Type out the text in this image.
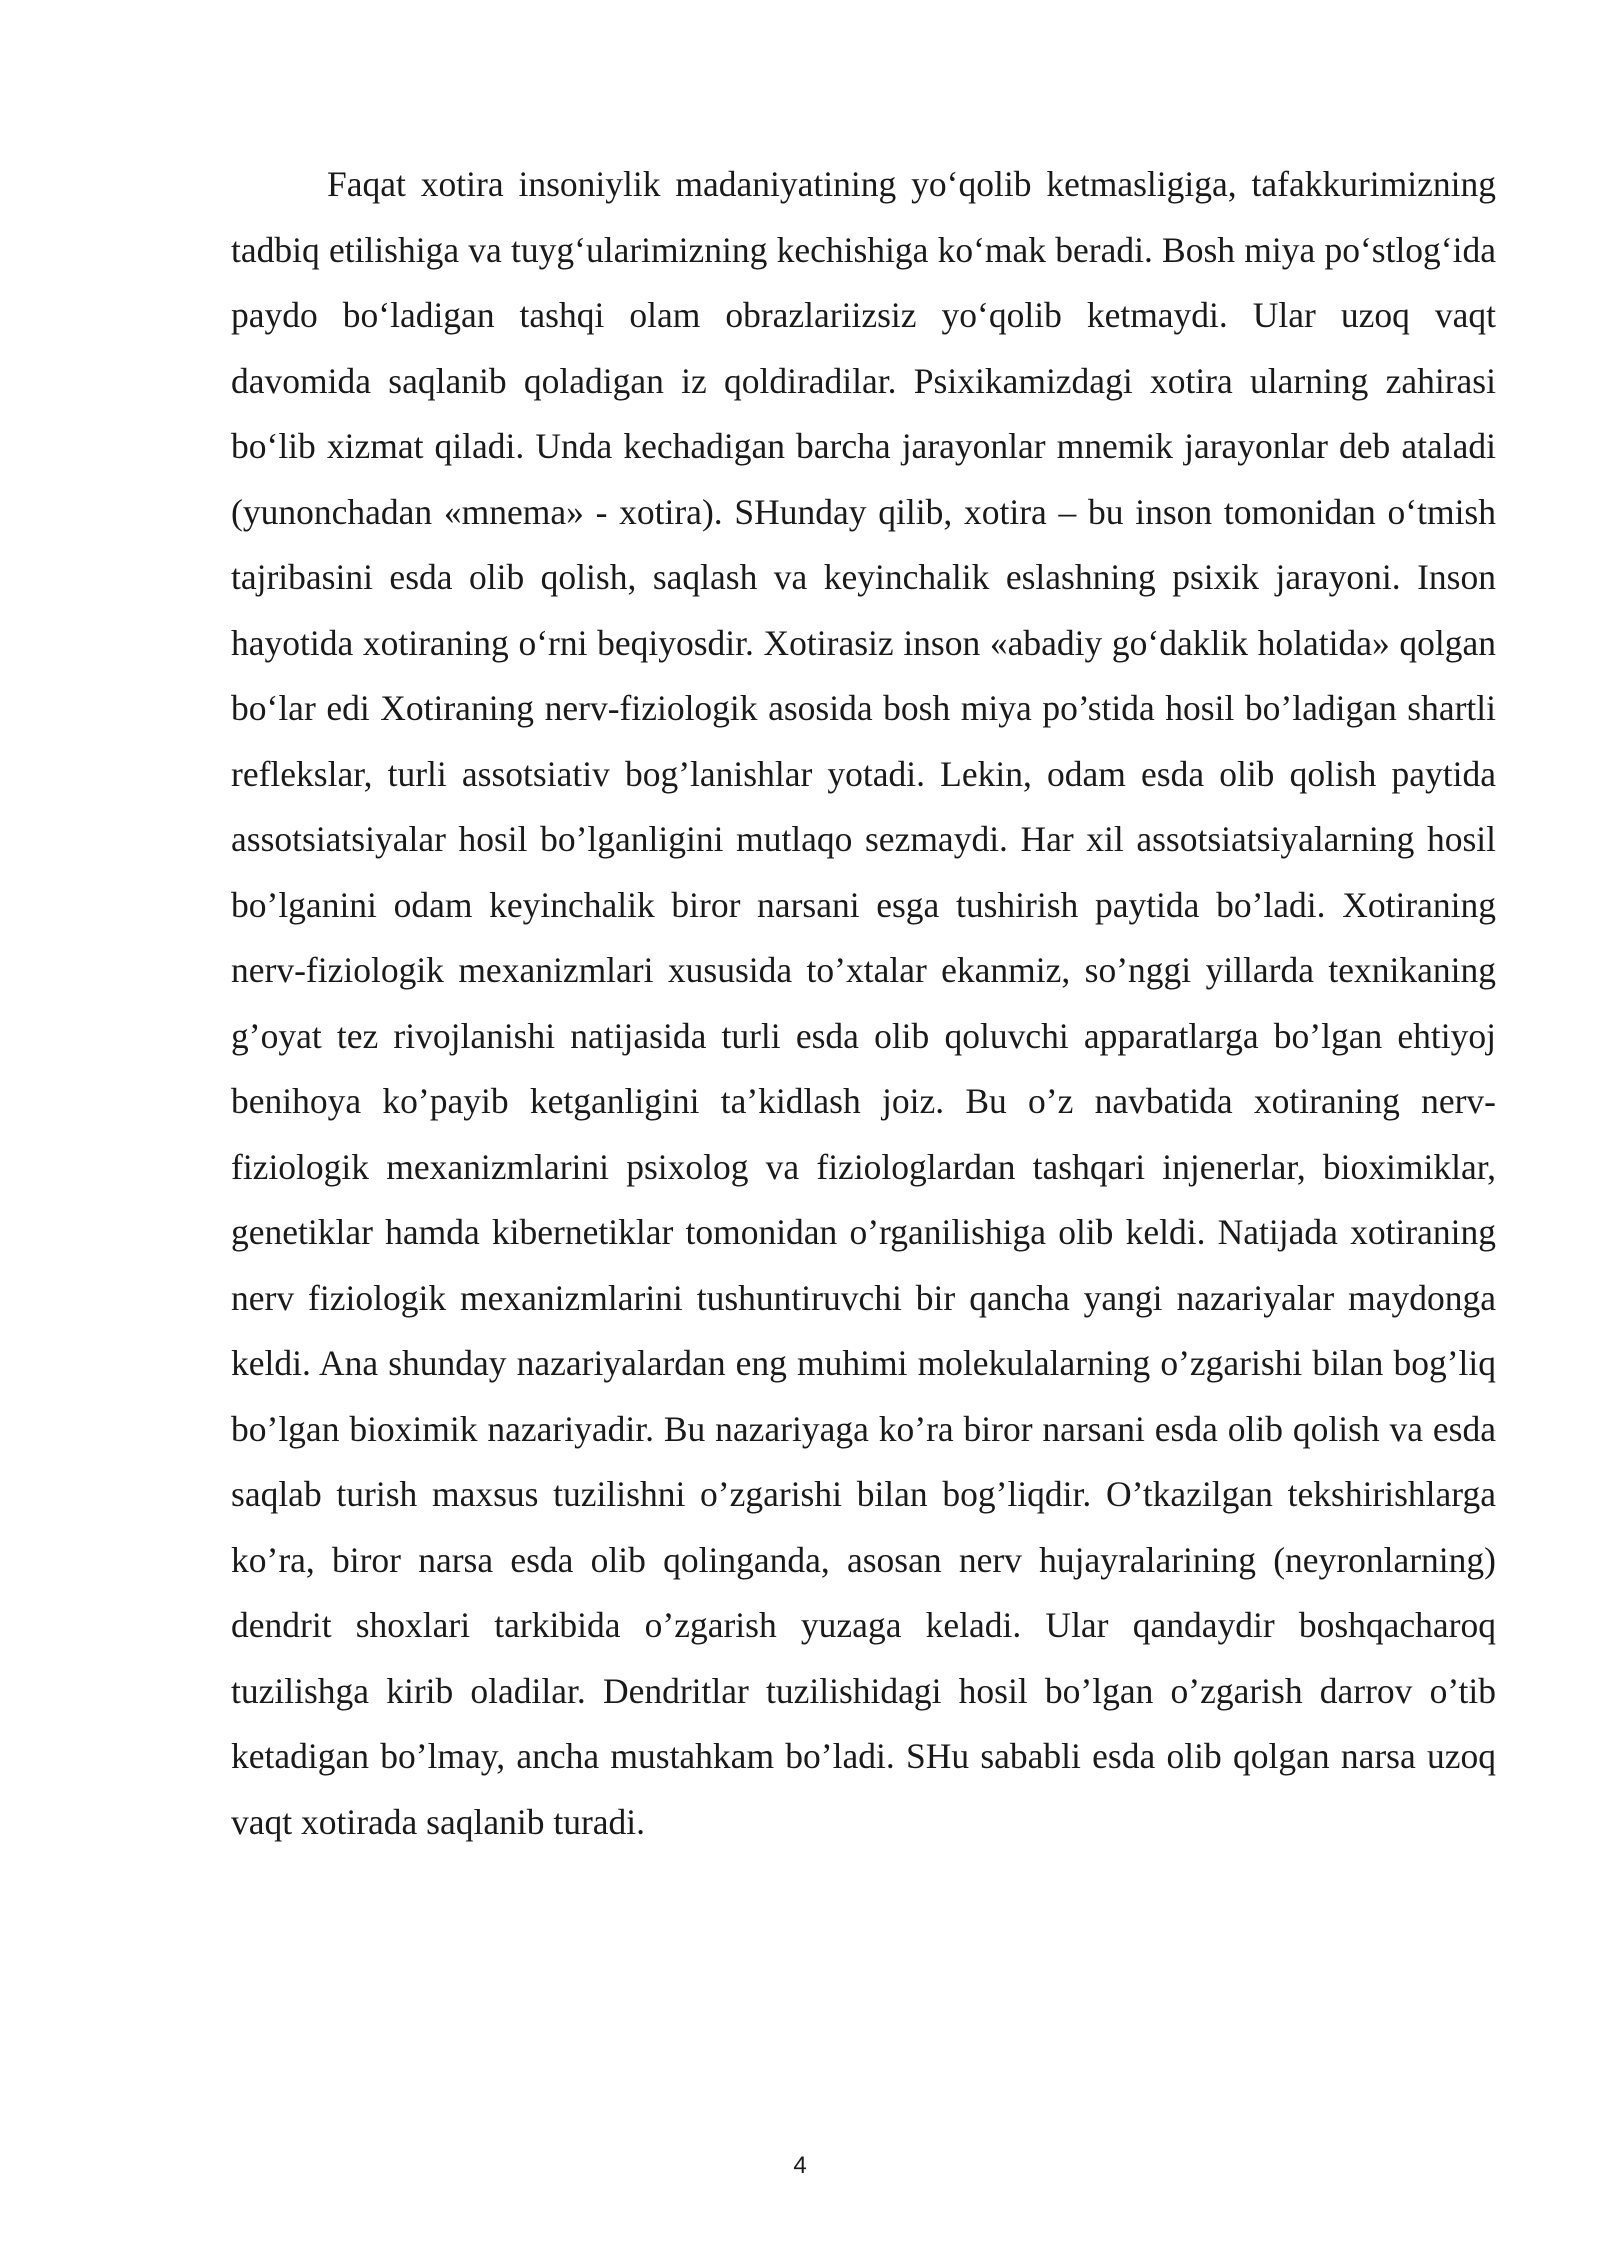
Faqat xotira insoniylik madaniyatining yo‘qolib ketmasligiga, tafakkurimizning tadbiq etilishiga va tuyg‘ularimizning kechishiga ko‘mak beradi. Bosh miya po‘stlog‘ida paydo bo‘ladigan tashqi olam obrazlariizsiz yo‘qolib ketmaydi. Ular uzoq vaqt davomida saqlanib qoladigan iz qoldiradilar. Psixikamizdagi xotira ularning zahirasi bo‘lib xizmat qiladi. Unda kechadigan barcha jarayonlar mnemik jarayonlar deb ataladi (yunonchadan «mnema» - xotira). SHunday qilib, xotira – bu inson tomonidan o‘tmish tajribasini esda olib qolish, saqlash va keyinchalik eslashning psixik jarayoni. Inson hayotida xotiraning o‘rni beqiyosdir. Xotirasiz inson «abadiy go‘daklik holatida» qolgan bo‘lar edi Xotiraning nerv-fiziologik asosida bosh miya po’stida hosil bo’ladigan shartli reflekslar, turli assotsiativ bog’lanishlar yotadi. Lekin, odam esda olib qolish paytida assotsiatsiyalar hosil bo’lganligini mutlaqo sezmaydi. Har xil assotsiatsiyalarning hosil bo’lganini odam keyinchalik biror narsani esga tushirish paytida bo’ladi. Xotiraning nerv-fiziologik mexanizmlari xususida to’xtalar ekanmiz, so’nggi yillarda texnikaning g’oyat tez rivojlanishi natijasida turli esda olib qoluvchi apparatlarga bo’lgan ehtiyoj benihoya ko’payib ketganligini ta’kidlash joiz. Bu o’z navbatida xotiraning nerv-fiziologik mexanizmlarini psixolog va fiziologlardan tashqari injenerlar, bioximiklar, genetiklar hamda kibernetiklar tomonidan o’rganilishiga olib keldi. Natijada xotiraning nerv fiziologik mexanizmlarini tushuntiruvchi bir qancha yangi nazariyalar maydonga keldi. Ana shunday nazariyalardan eng muhimi molekulalarning o’zgarishi bilan bog’liq bo’lgan bioximik nazariyadir. Bu nazariyaga ko’ra biror narsani esda olib qolish va esda saqlab turish maxsus tuzilishni o’zgarishi bilan bog’liqdir. O’tkazilgan tekshirishlarga ko’ra, biror narsa esda olib qolinganda, asosan nerv hujayralarining (neyronlarning) dendrit shoxlari tarkibida o’zgarish yuzaga keladi. Ular qandaydir boshqacharoq tuzilishga kirib oladilar. Dendritlar tuzilishidagi hosil bo’lgan o’zgarish darrov o’tib ketadigan bo’lmay, ancha mustahkam bo’ladi. SHu sababli esda olib qolgan narsa uzoq vaqt xotirada saqlanib turadi.

4
